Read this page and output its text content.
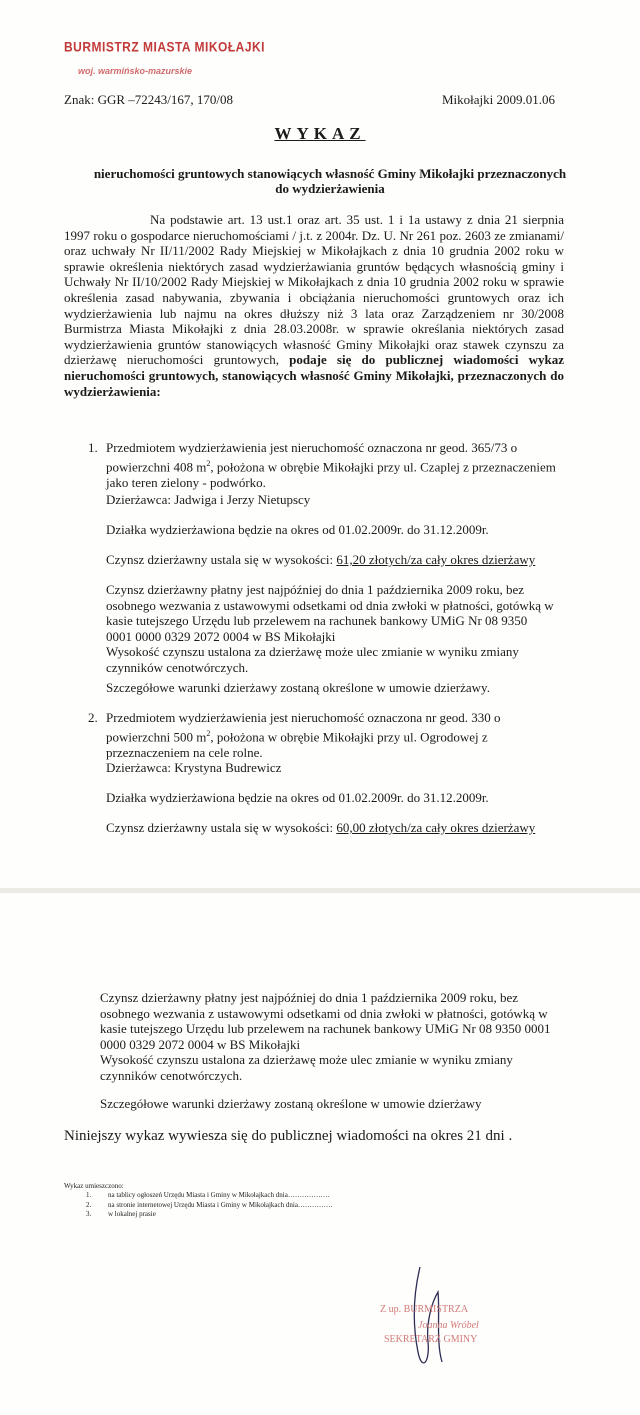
BURMISTRZ MIASTA MIKOŁAJKI
woj. warmińsko-mazurskie
Znak: GGR –72243/167, 170/08	Mikołajki 2009.01.06
WYKAZ
nieruchomości gruntowych stanowiących własność Gminy Mikołajki przeznaczonych do wydzierżawienia
Na podstawie art. 13 ust.1 oraz art. 35 ust. 1 i 1a ustawy z dnia 21 sierpnia 1997 roku o gospodarce nieruchomościami / j.t. z 2004r. Dz. U. Nr 261 poz. 2603 ze zmianami/ oraz uchwały Nr II/11/2002 Rady Miejskiej w Mikołajkach z dnia 10 grudnia 2002 roku w sprawie określenia niektórych zasad wydzierżawiania gruntów będących własnością gminy i Uchwały Nr II/10/2002 Rady Miejskiej w Mikołajkach z dnia 10 grudnia 2002 roku w sprawie określenia zasad nabywania, zbywania i obciążania nieruchomości gruntowych oraz ich wydzierżawienia lub najmu na okres dłuższy niż 3 lata oraz Zarządzeniem nr 30/2008 Burmistrza Miasta Mikołajki z dnia 28.03.2008r. w sprawie określania niektórych zasad wydzierżawienia gruntów stanowiących własność Gminy Mikołajki oraz stawek czynszu za dzierżawę nieruchomości gruntowych, podaje się do publicznej wiadomości wykaz nieruchomości gruntowych, stanowiących własność Gminy Mikołajki, przeznaczonych do wydzierżawienia:
1. Przedmiotem wydzierżawienia jest nieruchomość oznaczona nr geod. 365/73 o powierzchni 408 $m^2$, położona w obrębie Mikołajki przy ul. Czaplej z przeznaczeniem jako teren zielony - podwórko.
Dzierżawca: Jadwiga i Jerzy Nietupscy
Działka wydzierżawiona będzie na okres od 01.02.2009r. do 31.12.2009r.
Czynsz dzierżawny ustala się w wysokości: 61,20 złotych/za cały okres dzierżawy
Czynsz dzierżawny płatny jest najpóźniej do dnia 1 października 2009 roku, bez osobnego wezwania z ustawowymi odsetkami od dnia zwłoki w płatności, gotówką w kasie tutejszego Urzędu lub przelewem na rachunek bankowy UMiG Nr 08 9350 0001 0000 0329 2072 0004 w BS Mikołajki
Wysokość czynszu ustalona za dzierżawę może ulec zmianie w wyniku zmiany czynników cenotwórczych.
Szczegółowe warunki dzierżawy zostaną określone w umowie dzierżawy.
2. Przedmiotem wydzierżawienia jest nieruchomość oznaczona nr geod. 330 o powierzchni 500 $m^2$, położona w obrębie Mikołajki przy ul. Ogrodowej z przeznaczeniem na cele rolne.
Dzierżawca: Krystyna Budrewicz
Działka wydzierżawiona będzie na okres od 01.02.2009r. do 31.12.2009r.
Czynsz dzierżawny ustala się w wysokości: 60,00 złotych/za cały okres dzierżawy
Czynsz dzierżawny płatny jest najpóźniej do dnia 1 października 2009 roku, bez osobnego wezwania z ustawowymi odsetkami od dnia zwłoki w płatności, gotówką w kasie tutejszego Urzędu lub przelewem na rachunek bankowy UMiG Nr 08 9350 0001 0000 0329 2072 0004 w BS Mikołajki
Wysokość czynszu ustalona za dzierżawę może ulec zmianie w wyniku zmiany czynników cenotwórczych.
Szczegółowe warunki dzierżawy zostaną określone w umowie dzierżawy
Niniejszy wykaz wywiesza się do publicznej wiadomości na okres 21 dni .
Wykaz umieszczono:
1. na tablicy ogłoszeń Urzędu Miasta i Gminy w Mikołajkach dnia………………
2. na stronie internetowej Urzędu Miasta i Gminy w Mikołajkach dnia……………
3. w lokalnej prasie
Z up. BURMISTRZA
Joanna Wróbel
SEKRETARZ GMINY
